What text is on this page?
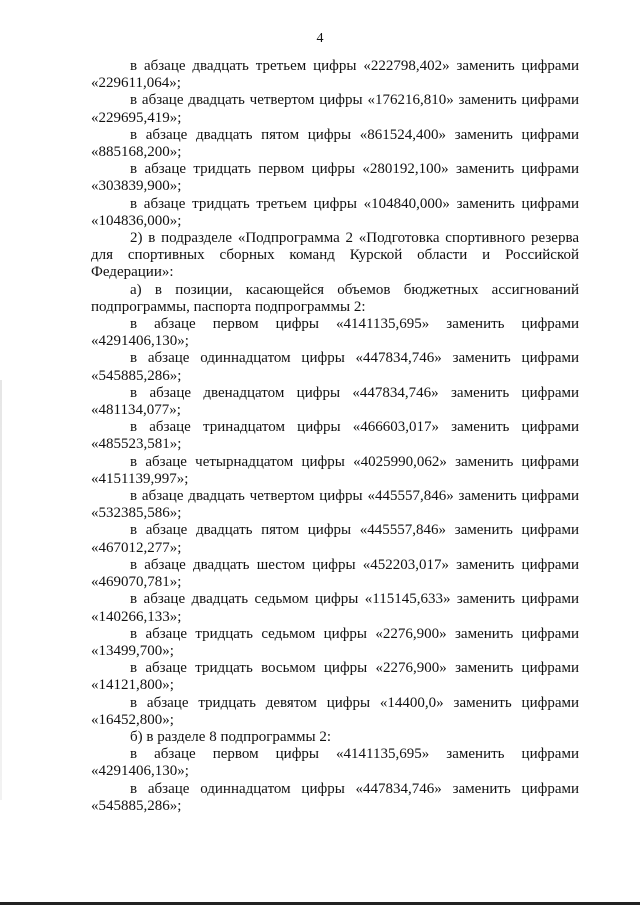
4

в абзаце двадцать третьем цифры «222798,402» заменить цифрами «229611,064»;

в абзаце двадцать четвертом цифры «176216,810» заменить цифрами «229695,419»;

в абзаце двадцать пятом цифры «861524,400» заменить цифрами «885168,200»;

в абзаце тридцать первом цифры «280192,100» заменить цифрами «303839,900»;

в абзаце тридцать третьем цифры «104840,000» заменить цифрами «104836,000»;

2) в подразделе «Подпрограмма 2 «Подготовка спортивного резерва для спортивных сборных команд Курской области и Российской Федерации»:

а) в позиции, касающейся объемов бюджетных ассигнований подпрограммы, паспорта подпрограммы 2:

в абзаце первом цифры «4141135,695» заменить цифрами «4291406,130»;

в абзаце одиннадцатом цифры «447834,746» заменить цифрами «545885,286»;

в абзаце двенадцатом цифры «447834,746» заменить цифрами «481134,077»;

в абзаце тринадцатом цифры «466603,017» заменить цифрами «485523,581»;

в абзаце четырнадцатом цифры «4025990,062» заменить цифрами «4151139,997»;

в абзаце двадцать четвертом цифры «445557,846» заменить цифрами «532385,586»;

в абзаце двадцать пятом цифры «445557,846» заменить цифрами «467012,277»;

в абзаце двадцать шестом цифры «452203,017» заменить цифрами «469070,781»;

в абзаце двадцать седьмом цифры «115145,633» заменить цифрами «140266,133»;

в абзаце тридцать седьмом цифры «2276,900» заменить цифрами «13499,700»;

в абзаце тридцать восьмом цифры «2276,900» заменить цифрами «14121,800»;

в абзаце тридцать девятом цифры «14400,0» заменить цифрами «16452,800»;

б) в разделе 8 подпрограммы 2:

в абзаце первом цифры «4141135,695» заменить цифрами «4291406,130»;

в абзаце одиннадцатом цифры «447834,746» заменить цифрами «545885,286»;
